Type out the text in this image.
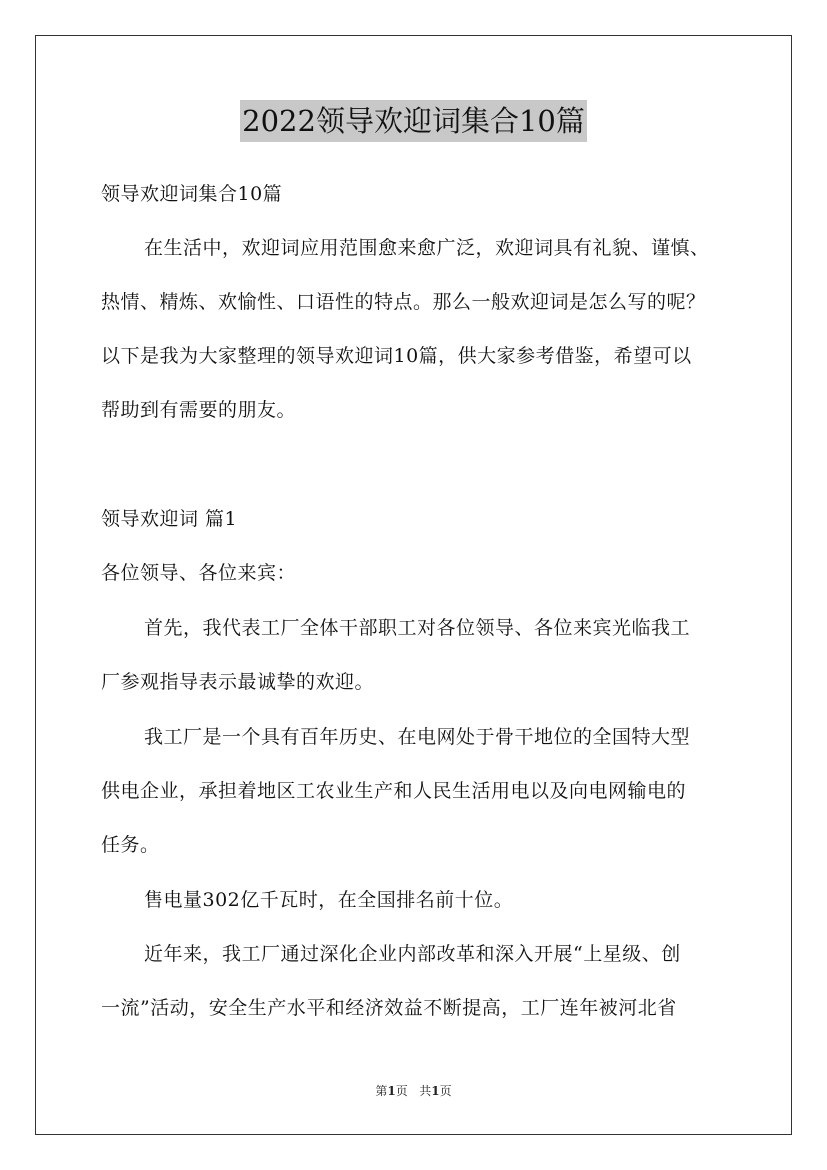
2022领导欢迎词集合10篇
领导欢迎词集合10篇
在生活中，欢迎词应用范围愈来愈广泛，欢迎词具有礼貌、谨慎、
热情、精炼、欢愉性、口语性的特点。那么一般欢迎词是怎么写的呢？
以下是我为大家整理的领导欢迎词10篇，供大家参考借鉴，希望可以
帮助到有需要的朋友。
领导欢迎词 篇1
各位领导、各位来宾：
首先，我代表工厂全体干部职工对各位领导、各位来宾光临我工
厂参观指导表示最诚挚的欢迎。
我工厂是一个具有百年历史、在电网处于骨干地位的全国特大型
供电企业，承担着地区工农业生产和人民生活用电以及向电网输电的
任务。
售电量302亿千瓦时，在全国排名前十位。
近年来，我工厂通过深化企业内部改革和深入开展“上星级、创
一流”活动，安全生产水平和经济效益不断提高，工厂连年被河北省
第1页 共1页
